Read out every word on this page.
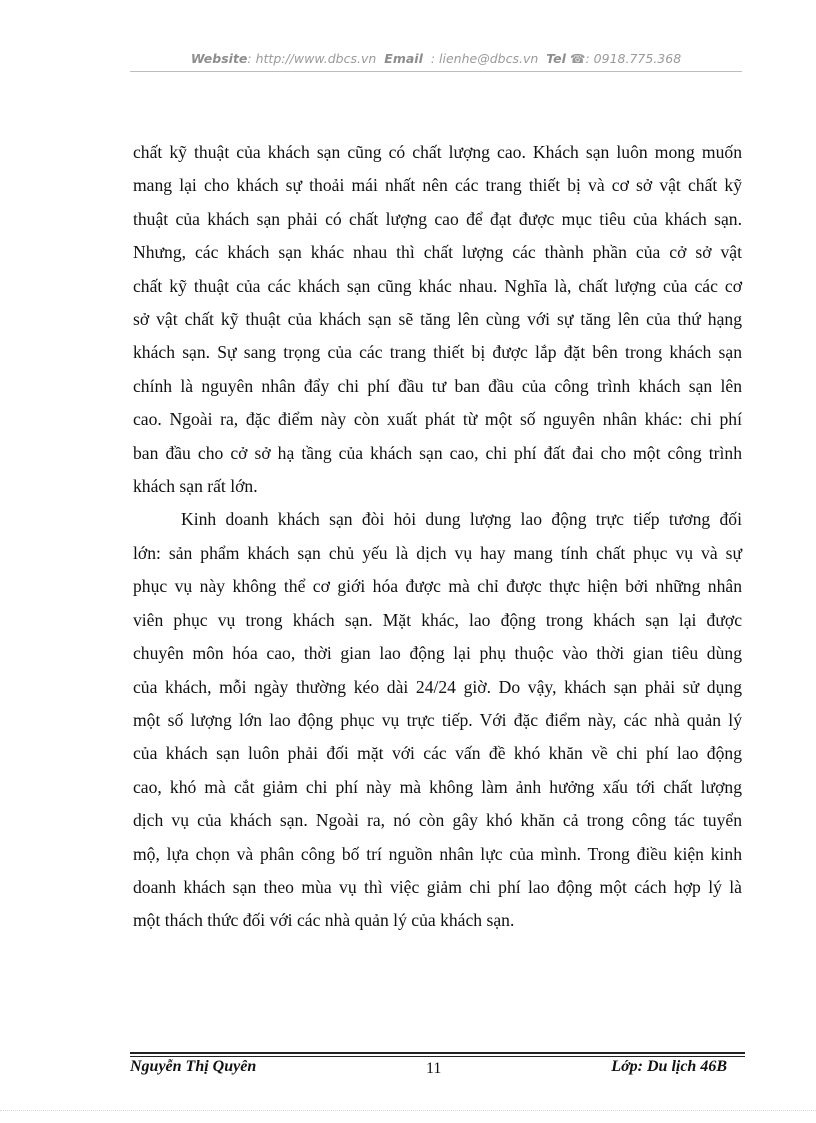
Website: http://www.dbcs.vn Email : lienhe@dbcs.vn Tel ☎: 0918.775.368
chất kỹ thuật của khách sạn cũng có chất lượng cao. Khách sạn luôn mong muốn
mang lại cho khách sự thoải mái nhất nên các trang thiết bị và cơ sở vật chất kỹ
thuật của khách sạn phải có chất lượng cao để đạt được mục tiêu của khách sạn.
Nhưng, các khách sạn khác nhau thì chất lượng các thành phần của cở sở vật
chất kỹ thuật của các khách sạn cũng khác nhau. Nghĩa là, chất lượng của các cơ
sở vật chất kỹ thuật của khách sạn sẽ tăng lên cùng với sự tăng lên của thứ hạng
khách sạn. Sự sang trọng của các trang thiết bị được lắp đặt bên trong khách sạn
chính là nguyên nhân đẩy chi phí đầu tư ban đầu của công trình khách sạn lên
cao. Ngoài ra, đặc điểm này còn xuất phát từ một số nguyên nhân khác: chi phí
ban đầu cho cở sở hạ tầng của khách sạn cao, chi phí đất đai cho một công trình
khách sạn rất lớn.
Kinh doanh khách sạn đòi hỏi dung lượng lao động trực tiếp tương đối
lớn: sản phẩm khách sạn chủ yếu là dịch vụ hay mang tính chất phục vụ và sự
phục vụ này không thể cơ giới hóa được mà chỉ được thực hiện bởi những nhân
viên phục vụ trong khách sạn. Mặt khác, lao động trong khách sạn lại được
chuyên môn hóa cao, thời gian lao động lại phụ thuộc vào thời gian tiêu dùng
của khách, mỗi ngày thường kéo dài 24/24 giờ. Do vậy, khách sạn phải sử dụng
một số lượng lớn lao động phục vụ trực tiếp. Với đặc điểm này, các nhà quản lý
của khách sạn luôn phải đối mặt với các vấn đề khó khăn về chi phí lao động
cao, khó mà cắt giảm chi phí này mà không làm ảnh hưởng xấu tới chất lượng
dịch vụ của khách sạn. Ngoài ra, nó còn gây khó khăn cả trong công tác tuyển
mộ, lựa chọn và phân công bố trí nguồn nhân lực của mình. Trong điều kiện kinh
doanh khách sạn theo mùa vụ thì việc giảm chi phí lao động một cách hợp lý là
một thách thức đối với các nhà quản lý của khách sạn.
Nguyễn Thị Quyên	11	Lớp: Du lịch 46B
